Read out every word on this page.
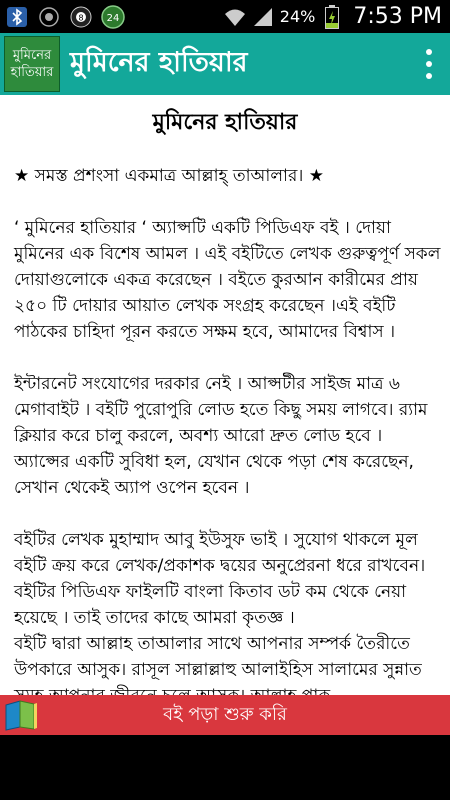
8 24	24% 7:53 PM
মুমিনের
হাতিয়ার মুমিনের হাতিয়ার
মুমিনের হাতিয়ার

★ সমস্ত প্রশংসা একমাত্র আল্লাহ্‌ তাআলার। ★

‘ মুমিনের হাতিয়ার ‘ অ্যাপ্সটি একটি পিডিএফ বই । দোয়া মুমিনের এক বিশেষ আমল । এই বইটিতে লেখক গুরুত্বপূর্ণ সকল দোয়াগুলোকে একত্র করেছেন । বইতে কুরআন কারীমের প্রায় ২৫০ টি দোয়ার আয়াত লেখক সংগ্রহ করেছেন ।এই বইটি পাঠকের চাহিদা পূরন করতে সক্ষম হবে, আমাদের বিশ্বাস ।

ইন্টারনেট সংযোগের দরকার নেই । আপ্সটীর সাইজ মাত্র ৬ মেগাবাইট । বইটি পুরোপুরি লোড হতে কিছু সময় লাগবে। র‍্যাম ক্লিয়ার করে চালু করলে, অবশ্য আরো দ্রুত লোড হবে । অ্যাপ্সের একটি সুবিধা হল, যেখান থেকে পড়া শেষ করেছেন, সেখান থেকেই অ্যাপ ওপেন হবেন ।

বইটির লেখক মুহাম্মাদ আবু ইউসুফ ভাই । সুযোগ থাকলে মূল বইটি ক্রয় করে লেখক/প্রকাশক দ্বয়ের অনুপ্রেরনা ধরে রাখবেন। বইটির পিডিএফ ফাইলটি বাংলা কিতাব ডট কম থেকে নেয়া হয়েছে । তাই তাদের কাছে আমরা কৃতজ্ঞ ।

বইটি দ্বারা আল্লাহ তাআলার সাথে আপনার সম্পর্ক তৈরীতে উপকারে আসুক। রাসূল সাল্লাল্লাহু আলাইহিস সালামের সুন্নাত

বই পড়া শুরু করি
